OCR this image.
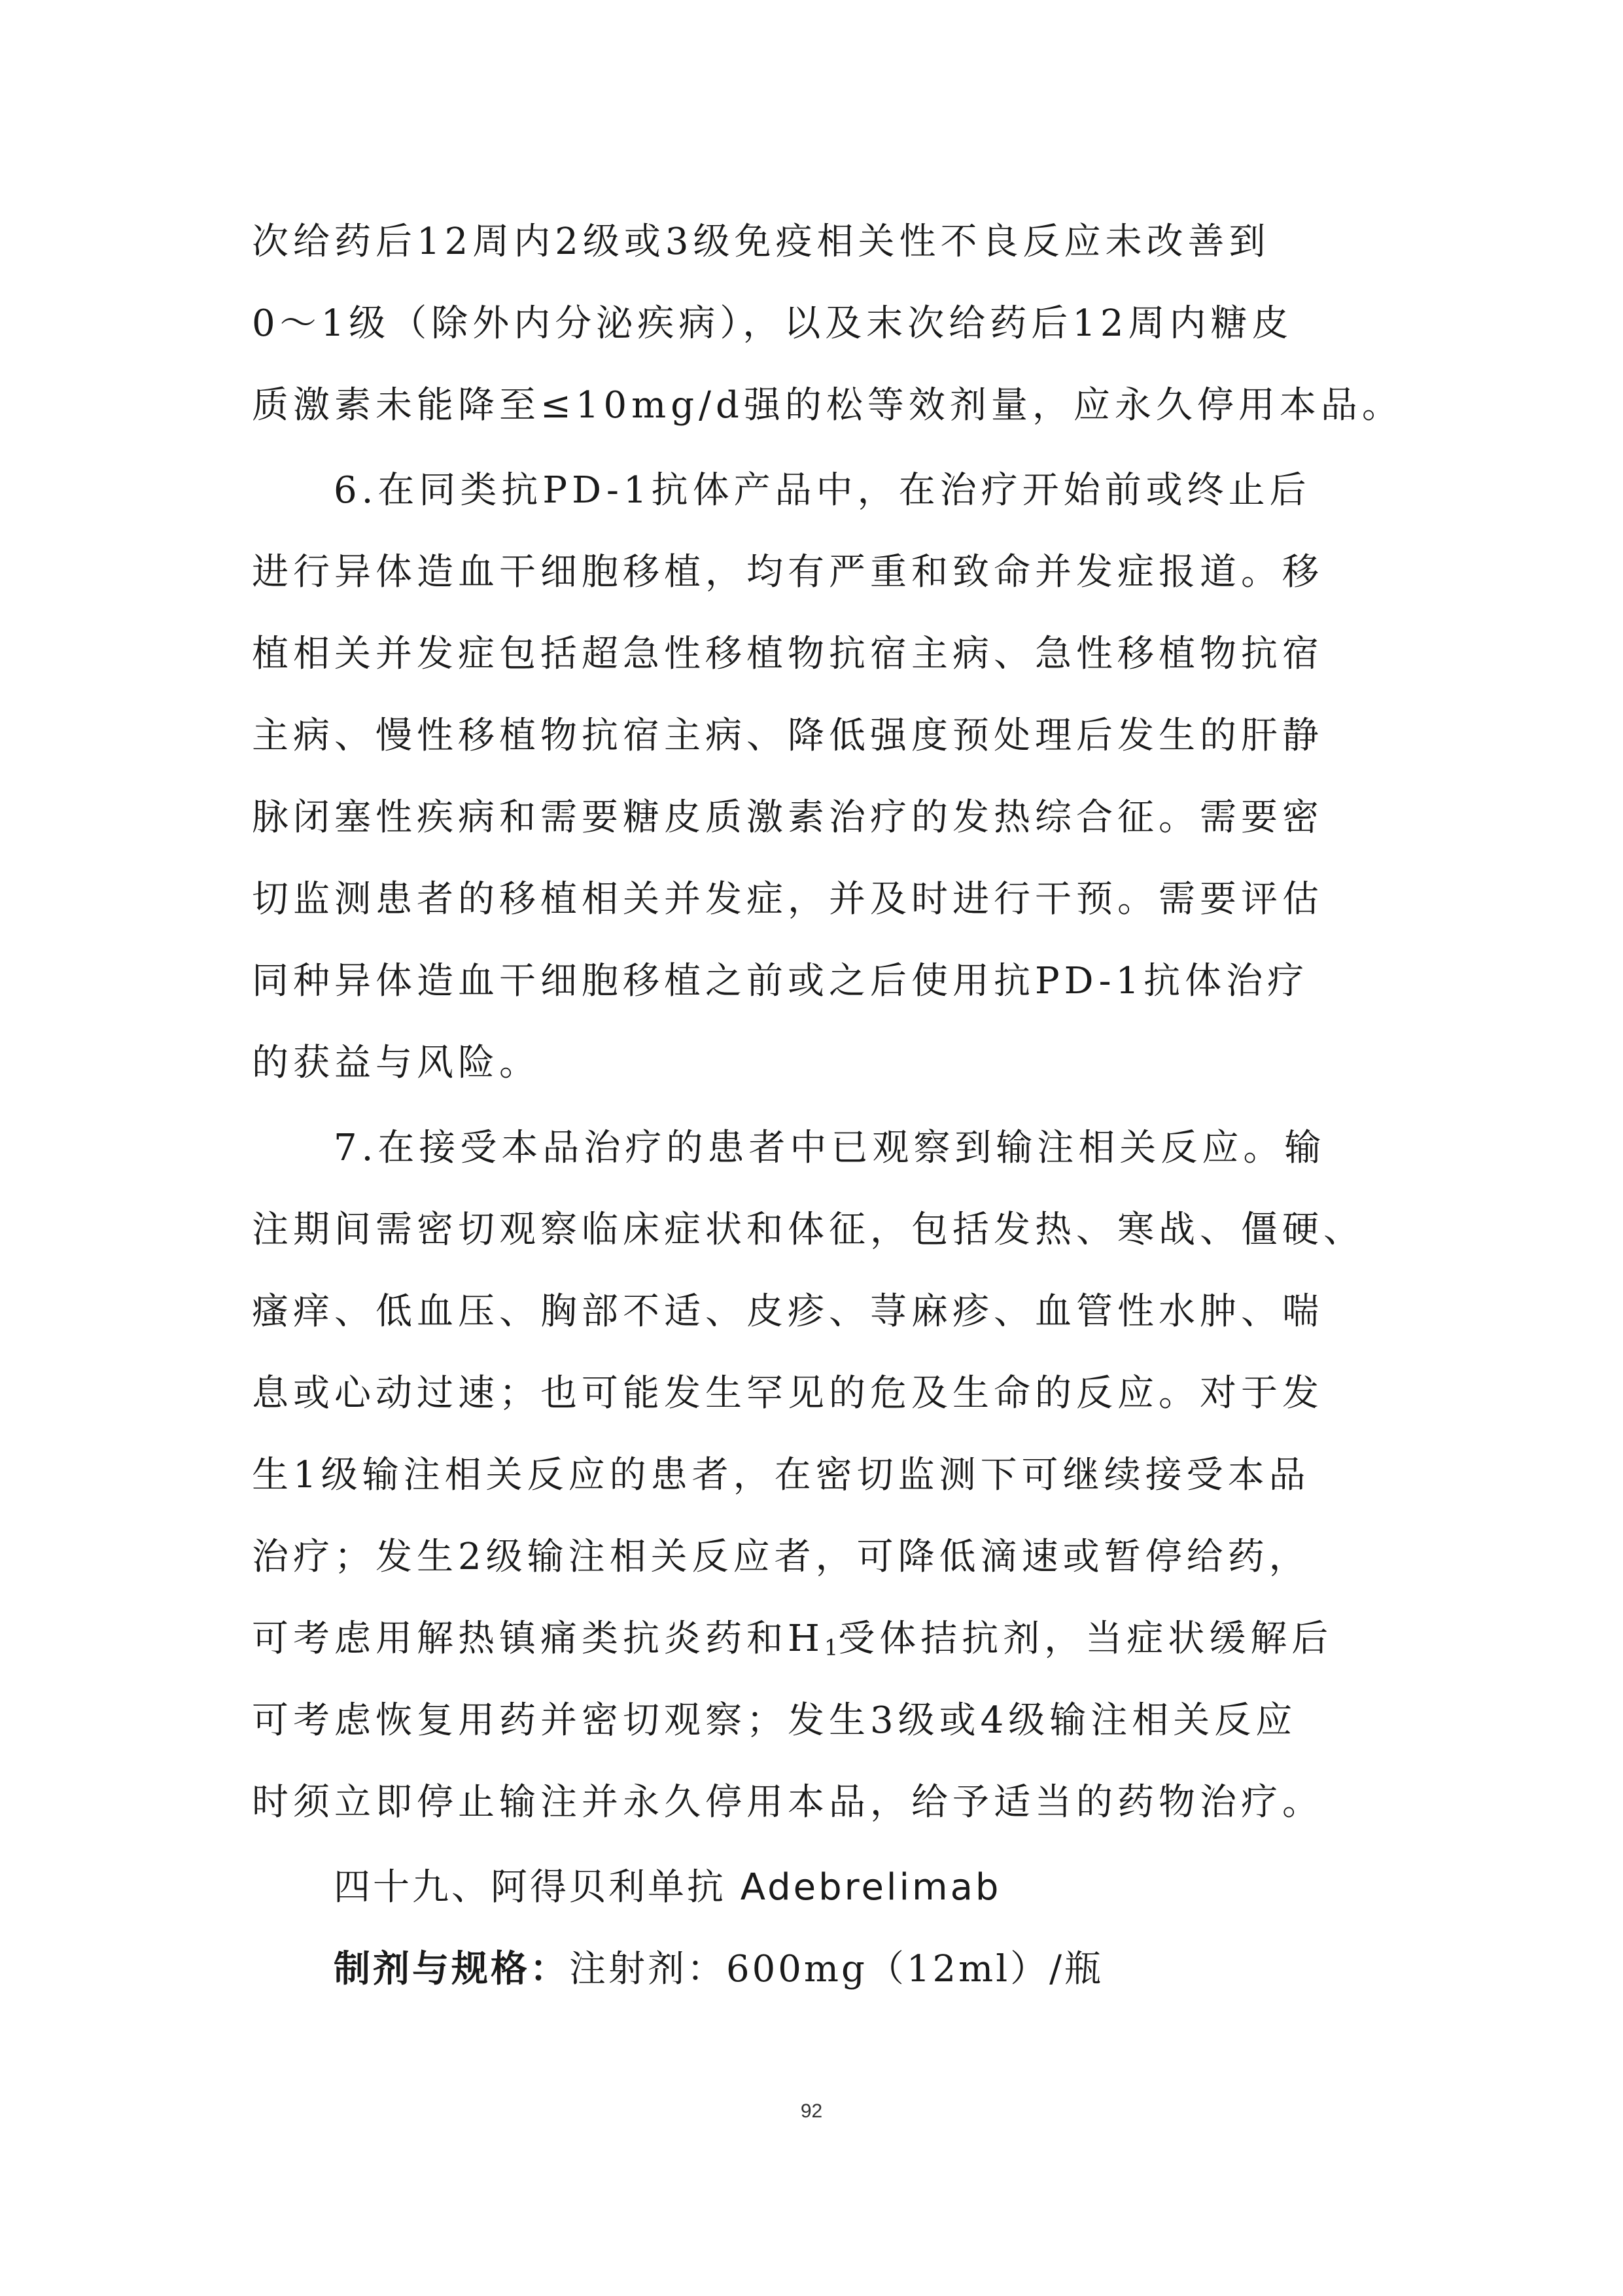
次给药后12周内2级或3级免疫相关性不良反应未改善到
0～1级（除外内分泌疾病），以及末次给药后12周内糖皮
质激素未能降至≤10mg/d强的松等效剂量，应永久停用本品。
6.在同类抗PD-1抗体产品中，在治疗开始前或终止后
进行异体造血干细胞移植，均有严重和致命并发症报道。移
植相关并发症包括超急性移植物抗宿主病、急性移植物抗宿
主病、慢性移植物抗宿主病、降低强度预处理后发生的肝静
脉闭塞性疾病和需要糖皮质激素治疗的发热综合征。需要密
切监测患者的移植相关并发症，并及时进行干预。需要评估
同种异体造血干细胞移植之前或之后使用抗PD-1抗体治疗
的获益与风险。
7.在接受本品治疗的患者中已观察到输注相关反应。输
注期间需密切观察临床症状和体征，包括发热、寒战、僵硬、
瘙痒、低血压、胸部不适、皮疹、荨麻疹、血管性水肿、喘
息或心动过速；也可能发生罕见的危及生命的反应。对于发
生1级输注相关反应的患者，在密切监测下可继续接受本品
治疗；发生2级输注相关反应者，可降低滴速或暂停给药，
可考虑用解热镇痛类抗炎药和$H_1$受体拮抗剂，当症状缓解后
可考虑恢复用药并密切观察；发生3级或4级输注相关反应
时须立即停止输注并永久停用本品，给予适当的药物治疗。
四十九、阿得贝利单抗 Adebrelimab
制剂与规格：注射剂：600mg（12ml）/瓶
92
